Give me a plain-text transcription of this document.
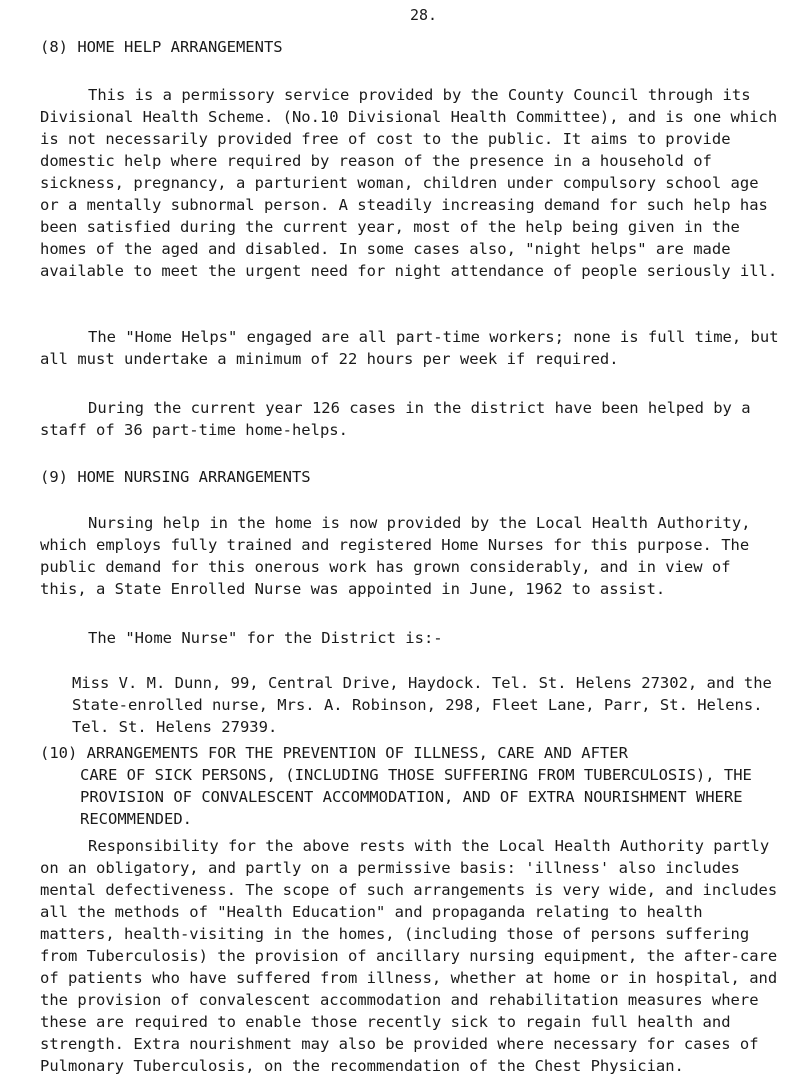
28.

(8) HOME HELP ARRANGEMENTS

This is a permissory service provided by the County Council through its Divisional Health Scheme. (No.10 Divisional Health Committee), and is one which is not necessarily provided free of cost to the public. It aims to provide domestic help where required by reason of the presence in a household of sickness, pregnancy, a parturient woman, children under compulsory school age or a mentally subnormal person. A steadily increasing demand for such help has been satisfied during the current year, most of the help being given in the homes of the aged and disabled. In some cases also, "night helps" are made available to meet the urgent need for night attendance of people seriously ill.

The "Home Helps" engaged are all part-time workers; none is full time, but all must undertake a minimum of 22 hours per week if required.

During the current year 126 cases in the district have been helped by a staff of 36 part-time home-helps.

(9) HOME NURSING ARRANGEMENTS

Nursing help in the home is now provided by the Local Health Authority, which employs fully trained and registered Home Nurses for this purpose. The public demand for this onerous work has grown considerably, and in view of this, a State Enrolled Nurse was appointed in June, 1962 to assist.

The "Home Nurse" for the District is:-

Miss V. M. Dunn, 99, Central Drive, Haydock. Tel. St. Helens 27302, and the State-enrolled nurse, Mrs. A. Robinson, 298, Fleet Lane, Parr, St. Helens. Tel. St. Helens 27939.

(10) ARRANGEMENTS FOR THE PREVENTION OF ILLNESS, CARE AND AFTER
CARE OF SICK PERSONS, (INCLUDING THOSE SUFFERING FROM TUBERCULOSIS), THE PROVISION OF CONVALESCENT ACCOMMODATION, AND OF EXTRA NOURISHMENT WHERE RECOMMENDED.

Responsibility for the above rests with the Local Health Authority partly on an obligatory, and partly on a permissive basis: 'illness' also includes mental defectiveness. The scope of such arrangements is very wide, and includes all the methods of "Health Education" and propaganda relating to health matters, health-visiting in the homes, (including those of persons suffering from Tuberculosis) the provision of ancillary nursing equipment, the after-care of patients who have suffered from illness, whether at home or in hospital, and the provision of convalescent accommodation and rehabilitation measures where these are required to enable those recently sick to regain full health and strength. Extra nourishment may also be provided where necessary for cases of Pulmonary Tuberculosis, on the recommendation of the Chest Physician.
